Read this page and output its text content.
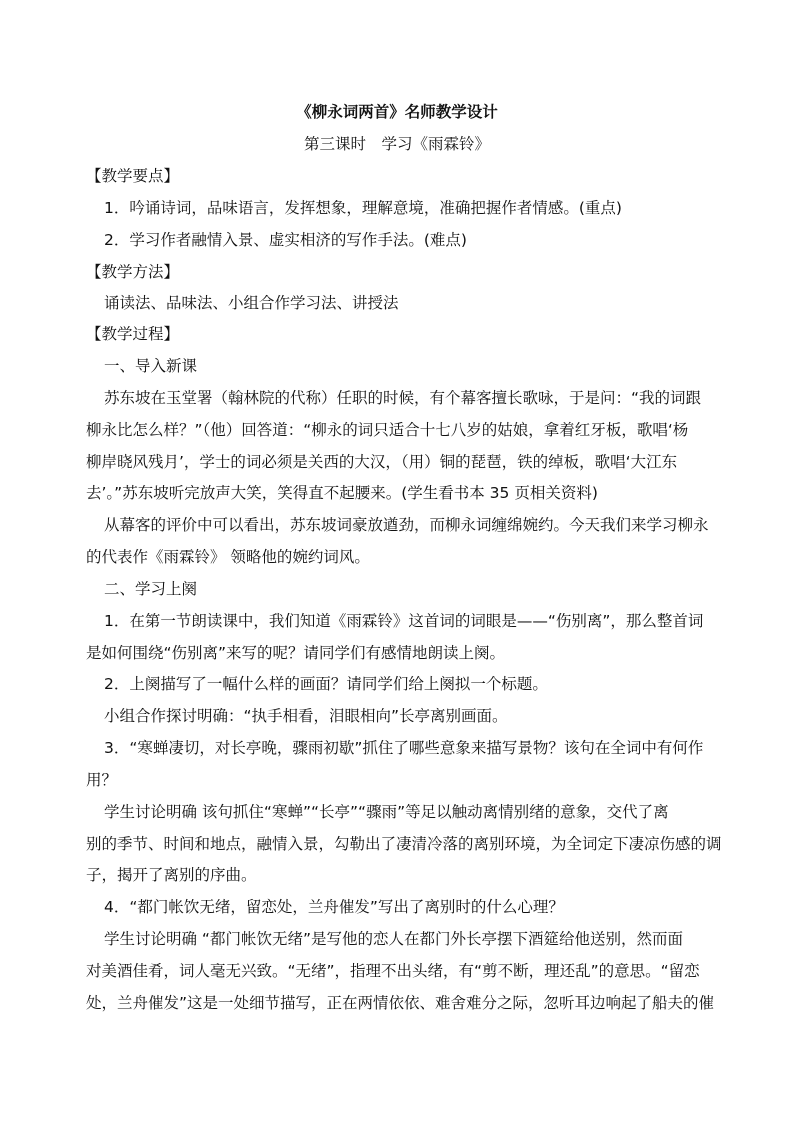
《柳永词两首》名师教学设计

第三课时　学习《雨霖铃》

【教学要点】

1．吟诵诗词，品味语言，发挥想象，理解意境，准确把握作者情感。(重点)

2．学习作者融情入景、虚实相济的写作手法。(难点)

【教学方法】

诵读法、品味法、小组合作学习法、讲授法

【教学过程】

一、导入新课

苏东坡在玉堂署（翰林院的代称）任职的时候，有个幕客擅长歌咏，于是问：“我的词跟

柳永比怎么样？”（他）回答道：“柳永的词只适合十七八岁的姑娘，拿着红牙板，歌唱‘杨

柳岸晓风残月’，学士的词必须是关西的大汉，（用）铜的琵琶，铁的绰板，歌唱‘大江东

去’。”苏东坡听完放声大笑，笑得直不起腰来。(学生看书本 35 页相关资料)

从幕客的评价中可以看出，苏东坡词豪放遒劲，而柳永词缠绵婉约。今天我们来学习柳永

的代表作《雨霖铃》 领略他的婉约词风。

二、学习上阕

1．在第一节朗读课中，我们知道《雨霖铃》这首词的词眼是——“伤别离”，那么整首词

是如何围绕“伤别离”来写的呢？请同学们有感情地朗读上阕。

2．上阕描写了一幅什么样的画面？请同学们给上阕拟一个标题。

小组合作探讨明确：“执手相看，泪眼相向”长亭离别画面。

3．“寒蝉凄切，对长亭晚，骤雨初歇”抓住了哪些意象来描写景物？该句在全词中有何作

用？

学生讨论明确 该句抓住“寒蝉”“长亭”“骤雨”等足以触动离情别绪的意象，交代了离

别的季节、时间和地点，融情入景，勾勒出了凄清冷落的离别环境，为全词定下凄凉伤感的调

子，揭开了离别的序曲。

4．“都门帐饮无绪，留恋处，兰舟催发”写出了离别时的什么心理？

学生讨论明确 “都门帐饮无绪”是写他的恋人在都门外长亭摆下酒筵给他送别，然而面

对美酒佳肴，词人毫无兴致。“无绪”，指理不出头绪，有“剪不断，理还乱”的意思。“留恋

处，兰舟催发”这是一处细节描写，正在两情依依、难舍难分之际，忽听耳边响起了船夫的催
